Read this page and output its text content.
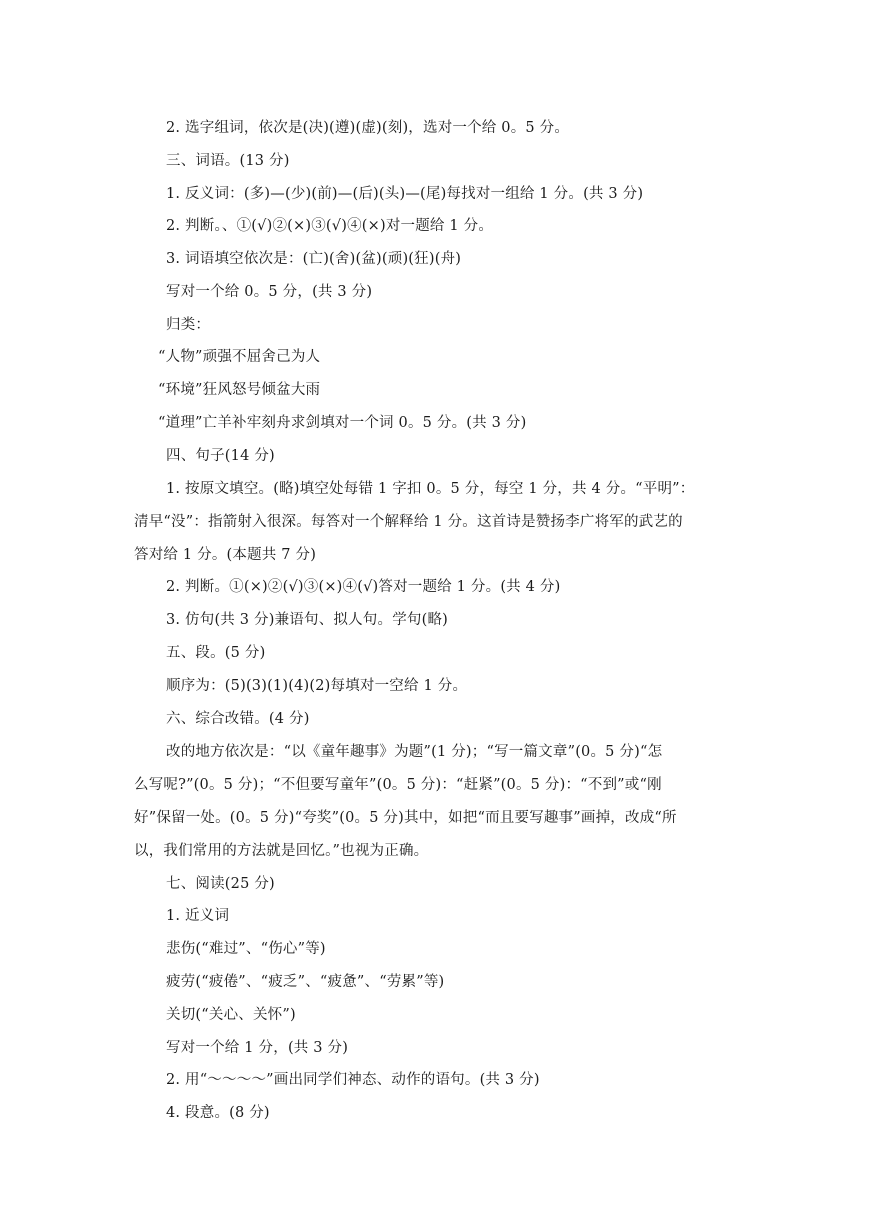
2. 选字组词，依次是(决)(遵)(虚)(刻)，选对一个给 0。5 分。
三、词语。(13 分)
1. 反义词：(多)—(少)(前)—(后)(头)—(尾)每找对一组给 1 分。(共 3 分)
2. 判断。、①(√)②(×)③(√)④(×)对一题给 1 分。
3. 词语填空依次是：(亡)(舍)(盆)(顽)(狂)(舟)
写对一个给 0。5 分，(共 3 分)
归类：
“人物”顽强不屈舍己为人
“环境”狂风怒号倾盆大雨
“道理”亡羊补牢刻舟求剑填对一个词 0。5 分。(共 3 分)
四、句子(14 分)
1. 按原文填空。(略)填空处每错 1 字扣 0。5 分，每空 1 分，共 4 分。“平明”：
清早“没”：指箭射入很深。每答对一个解释给 1 分。这首诗是赞扬李广将军的武艺的
答对给 1 分。(本题共 7 分)
2. 判断。①(×)②(√)③(×)④(√)答对一题给 1 分。(共 4 分)
3. 仿句(共 3 分)兼语句、拟人句。学句(略)
五、段。(5 分)
顺序为：(5)(3)(1)(4)(2)每填对一空给 1 分。
六、综合改错。(4 分)
改的地方依次是：“以《童年趣事》为题”(1 分)；“写一篇文章”(0。5 分)“怎
么写呢?”(0。5 分)；“不但要写童年”(0。5 分)：“赶紧”(0。5 分)：“不到”或“刚
好”保留一处。(0。5 分)“夸奖”(0。5 分)其中，如把“而且要写趣事”画掉，改成“所
以，我们常用的方法就是回忆。”也视为正确。
七、阅读(25 分)
1. 近义词
悲伤(“难过”、“伤心”等)
疲劳(“疲倦”、“疲乏”、“疲惫”、“劳累”等)
关切(“关心、关怀”)
写对一个给 1 分，(共 3 分)
2. 用“～～～～”画出同学们神态、动作的语句。(共 3 分)
4. 段意。(8 分)
